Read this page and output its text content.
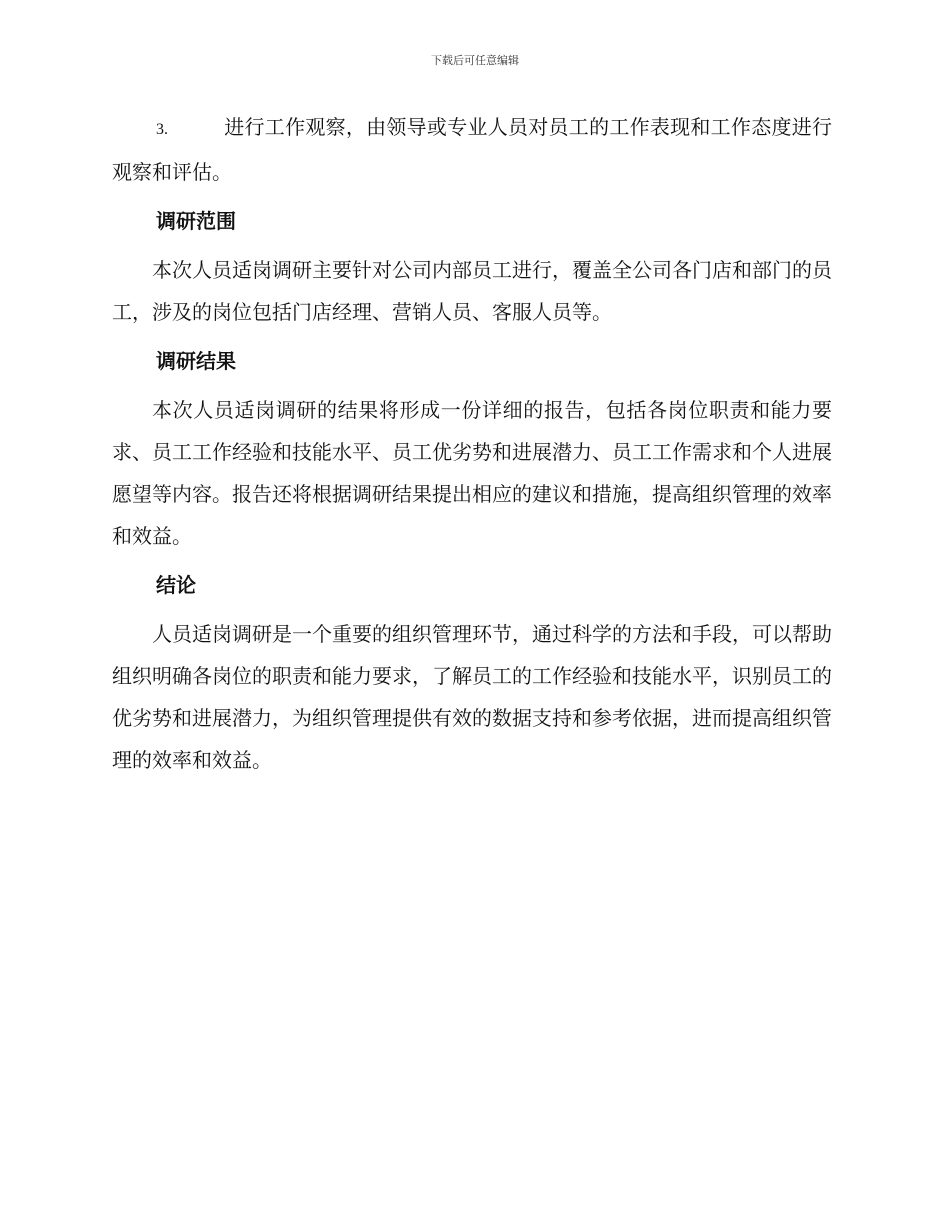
下载后可任意编辑

3.	进行工作观察，由领导或专业人员对员工的工作表现和工作态度进行观察和评估。

调研范围

本次人员适岗调研主要针对公司内部员工进行，覆盖全公司各门店和部门的员工，涉及的岗位包括门店经理、营销人员、客服人员等。

调研结果

本次人员适岗调研的结果将形成一份详细的报告，包括各岗位职责和能力要求、员工工作经验和技能水平、员工优劣势和进展潜力、员工工作需求和个人进展愿望等内容。报告还将根据调研结果提出相应的建议和措施，提高组织管理的效率和效益。

结论

人员适岗调研是一个重要的组织管理环节，通过科学的方法和手段，可以帮助组织明确各岗位的职责和能力要求，了解员工的工作经验和技能水平，识别员工的优劣势和进展潜力，为组织管理提供有效的数据支持和参考依据，进而提高组织管理的效率和效益。
